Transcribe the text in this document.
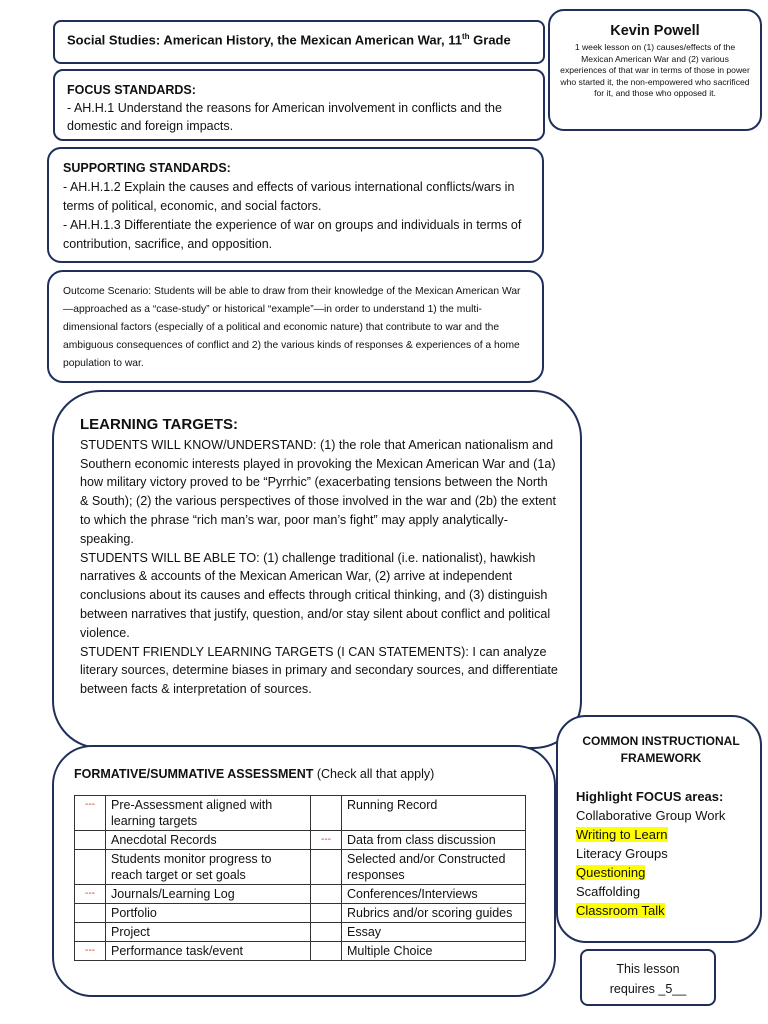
Social Studies: American History, the Mexican American War, 11th Grade
Kevin Powell
1 week lesson on (1) causes/effects of the Mexican American War and (2) various experiences of that war in terms of those in power who started it, the non-empowered who sacrificed for it, and those who opposed it.
FOCUS STANDARDS:
- AH.H.1 Understand the reasons for American involvement in conflicts and the domestic and foreign impacts.
SUPPORTING STANDARDS:
- AH.H.1.2 Explain the causes and effects of various international conflicts/wars in terms of political, economic, and social factors.
- AH.H.1.3 Differentiate the experience of war on groups and individuals in terms of contribution, sacrifice, and opposition.
Outcome Scenario: Students will be able to draw from their knowledge of the Mexican American War—approached as a “case-study” or historical “example”—in order to understand 1) the multi-dimensional factors (especially of a political and economic nature) that contribute to war and the ambiguous consequences of conflict and 2) the various kinds of responses & experiences of a home population to war.
LEARNING TARGETS:
STUDENTS WILL KNOW/UNDERSTAND: (1) the role that American nationalism and Southern economic interests played in provoking the Mexican American War and (1a) how military victory proved to be “Pyrrhic” (exacerbating tensions between the North & South); (2) the various perspectives of those involved in the war and (2b) the extent to which the phrase “rich man’s war, poor man’s fight” may apply analytically-speaking.
STUDENTS WILL BE ABLE TO: (1) challenge traditional (i.e. nationalist), hawkish narratives & accounts of the Mexican American War, (2) arrive at independent conclusions about its causes and effects through critical thinking, and (3) distinguish between narratives that justify, question, and/or stay silent about conflict and political violence.
STUDENT FRIENDLY LEARNING TARGETS (I CAN STATEMENTS): I can analyze literary sources, determine biases in primary and secondary sources, and differentiate between facts & interpretation of sources.
FORMATIVE/SUMMATIVE ASSESSMENT (Check all that apply)
---	Pre-Assessment aligned with learning targets		Running Record
	Anecdotal Records	---	Data from class discussion
	Students monitor progress to reach target or set goals		Selected and/or Constructed responses
---	Journals/Learning Log		Conferences/Interviews
	Portfolio		Rubrics and/or scoring guides
	Project		Essay
---	Performance task/event		Multiple Choice
COMMON INSTRUCTIONAL FRAMEWORK
Highlight FOCUS areas:
Collaborative Group Work
Writing to Learn
Literacy Groups
Questioning
Scaffolding
Classroom Talk
This lesson
requires _5__
